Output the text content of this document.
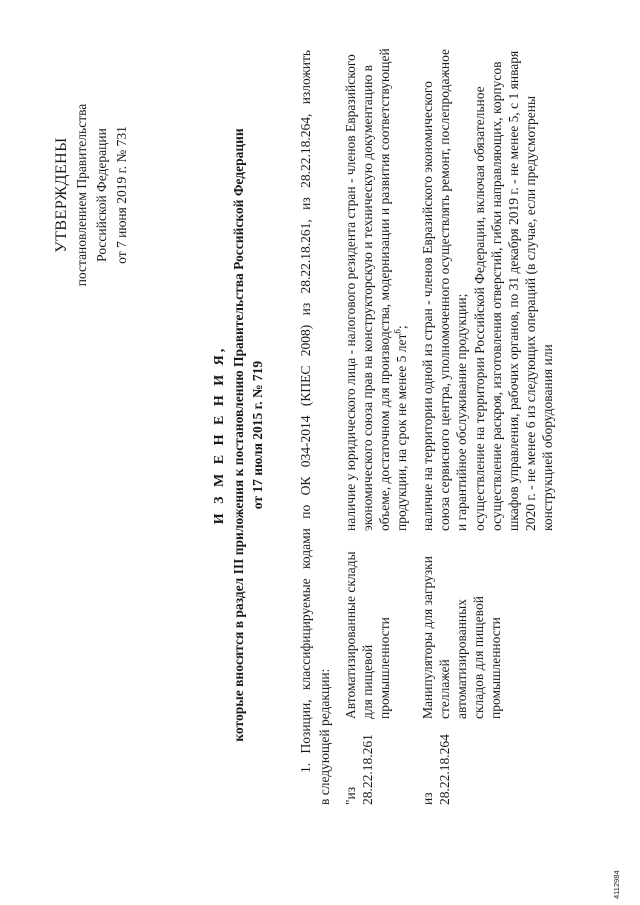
УТВЕРЖДЕНЫ постановлением Правительства Российской Федерации от 7 июня 2019 г. № 731
И З М Е Н Е Н И Я, которые вносятся в раздел III приложения к постановлению Правительства Российской Федерации от 17 июля 2015 г. № 719 1. Позиции, классифицируемые кодами по ОК 034-2014 (КПЕС 2008) из 28.22.18.261, из 28.22.18.264, изложить в следующей редакции: "из 28.22.18.261
Автоматизированные склады для пищевой промышленности
наличие у юридического лица - налогового резидента стран - членов Евразийского экономического союза прав на конструкторскую и техническую документацию в объеме, достаточном для производства, модернизации и развития соответствующей продукции, на срок не менее 5 лет$^6$;
из 28.22.18.264
Манипуляторы для загрузки стеллажей автоматизированных складов для пищевой промышленности
наличие на территории одной из стран - членов Евразийского экономического союза сервисного центра, уполномоченного осуществлять ремонт, послепродажное и гарантийное обслуживание продукции; осуществление на территории Российской Федерации, включая обязательное осуществление раскроя, изготовления отверстий, гибки направляющих, корпусов шкафов управления, рабочих органов, по 31 декабря 2019 г. - не менее 5, с 1 января 2020 г. - не менее 6 из следующих операций (в случае, если предусмотрены конструкцией оборудования или
4112984
